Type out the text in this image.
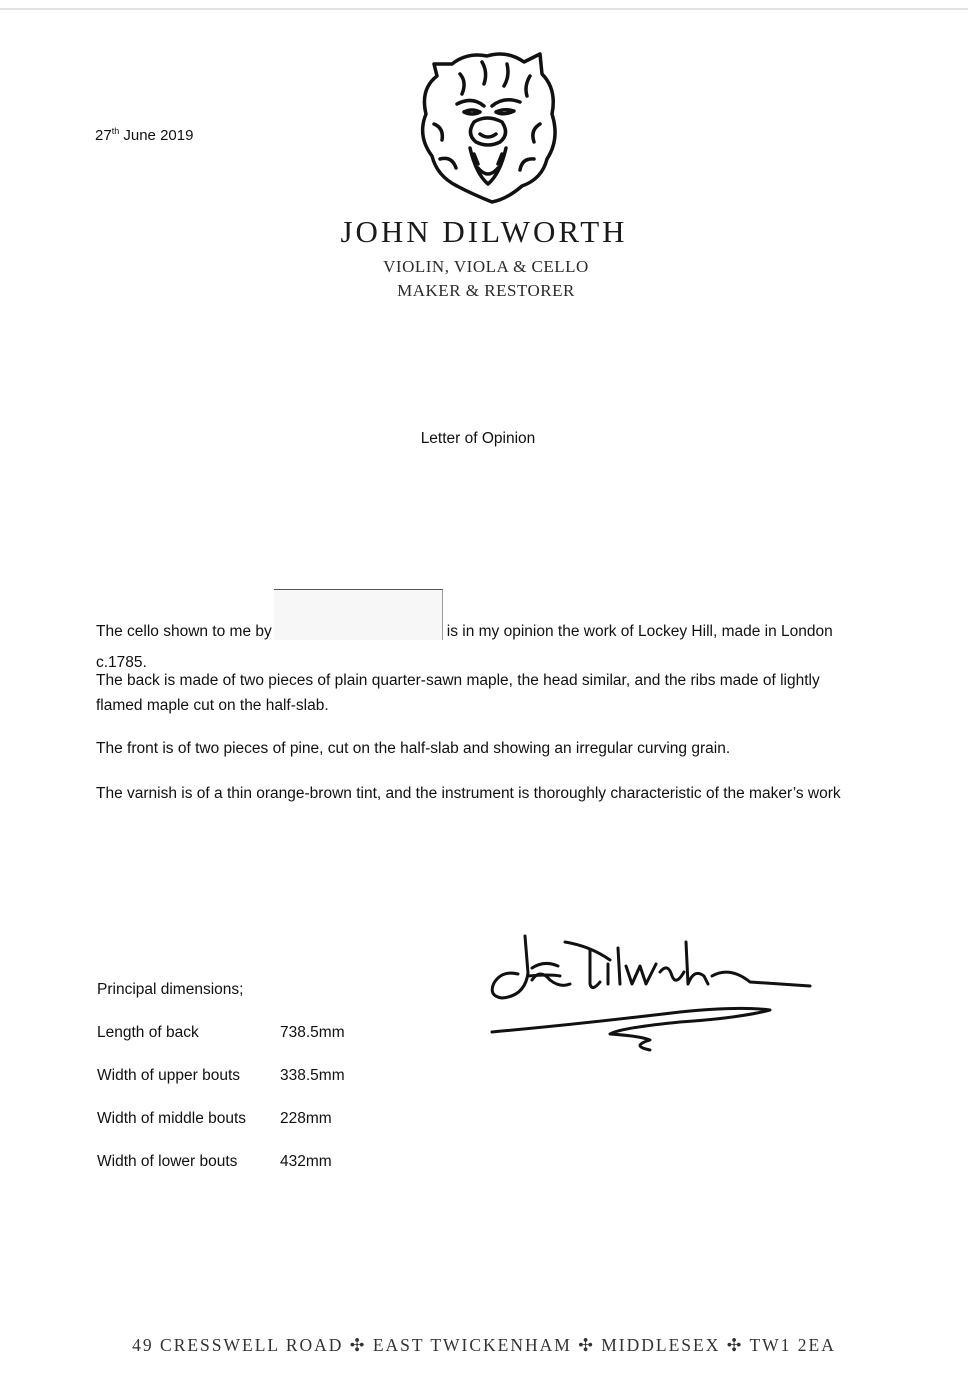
27th June 2019
JOHN DILWORTH
VIOLIN, VIOLA & CELLO
MAKER & RESTORER
Letter of Opinion
The cello shown to me by	is in my opinion the work of Lockey Hill, made in London c.1785.
The back is made of two pieces of plain quarter-sawn maple, the head similar, and the ribs made of lightly flamed maple cut on the half-slab.
The front is of two pieces of pine, cut on the half-slab and showing an irregular curving grain.
The varnish is of a thin orange-brown tint, and the instrument is thoroughly characteristic of the maker’s work
Principal dimensions;
Length of back	738.5mm
Width of upper bouts	338.5mm
Width of middle bouts 228mm
Width of lower bouts	432mm
49 CRESSWELL ROAD ✣ EAST TWICKENHAM ✣ MIDDLESEX ✣ TW1 2EA
